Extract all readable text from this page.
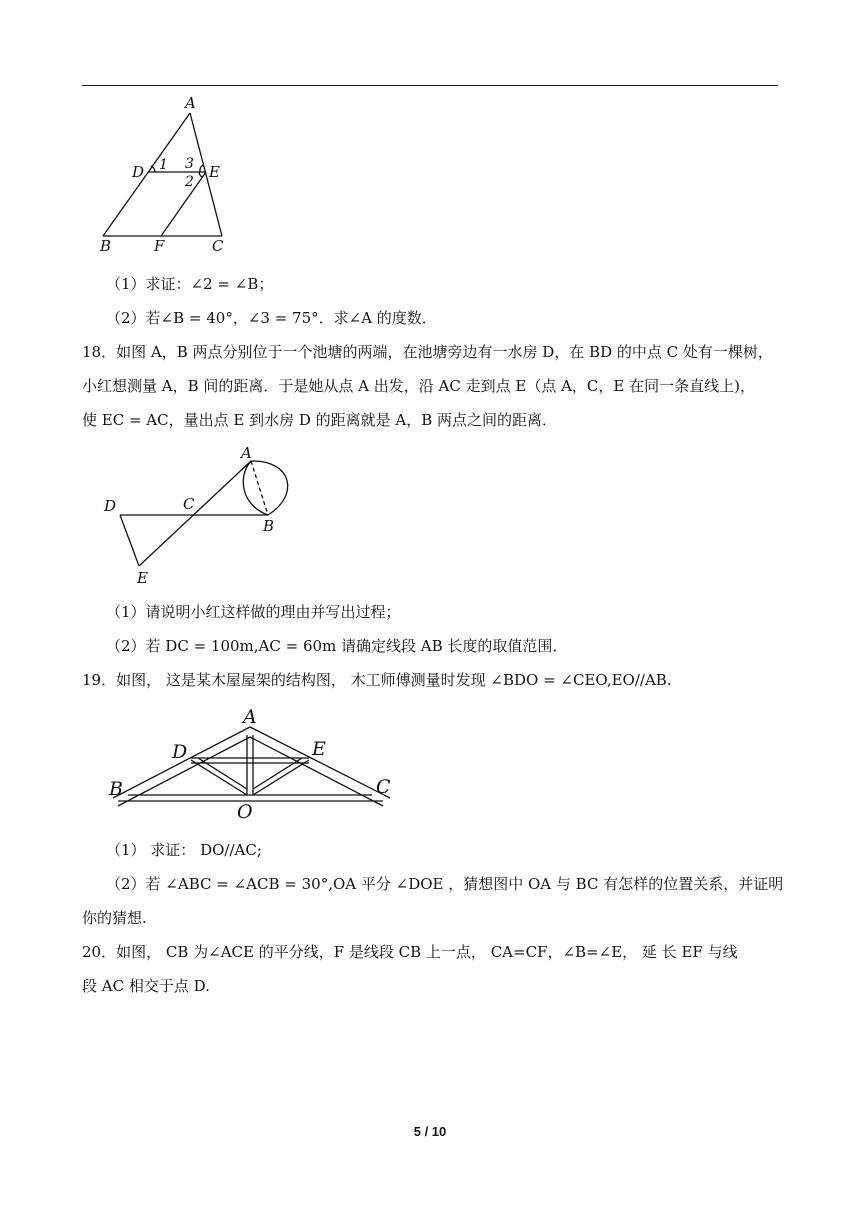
A
D	E
B	F	C
1 3
2
（1）求证：∠2 = ∠B；
（2）若∠B = 40°，∠3 = 75°．求∠A 的度数．
18．如图 A，B 两点分别位于一个池塘的两端，在池塘旁边有一水房 D，在 BD 的中点 C 处有一棵树，
小红想测量 A，B 间的距离．于是她从点 A 出发，沿 AC 走到点 E（点 A，C，E 在同一条直线上)，
使 EC = AC，量出点 E 到水房 D 的距离就是 A，B 两点之间的距离．
A
D	C
B
E
（1）请说明小红这样做的理由并写出过程；
（2）若 DC = 100m,AC = 60m 请确定线段 AB 长度的取值范围．
19．如图， 这是某木屋屋架的结构图， 木工师傅测量时发现 ∠BDO = ∠CEO,EO//AB.
A
D	E
B	C
O
（1） 求证： DO//AC;
（2）若 ∠ABC = ∠ACB = 30°,OA 平分 ∠DOE ，猜想图中 OA 与 BC 有怎样的位置关系，并证明
你的猜想.
20．如图， CB 为∠ACE 的平分线，F 是线段 CB 上一点， CA=CF，∠B=∠E， 延 长 EF 与线
段 AC 相交于点 D.
5 / 10
